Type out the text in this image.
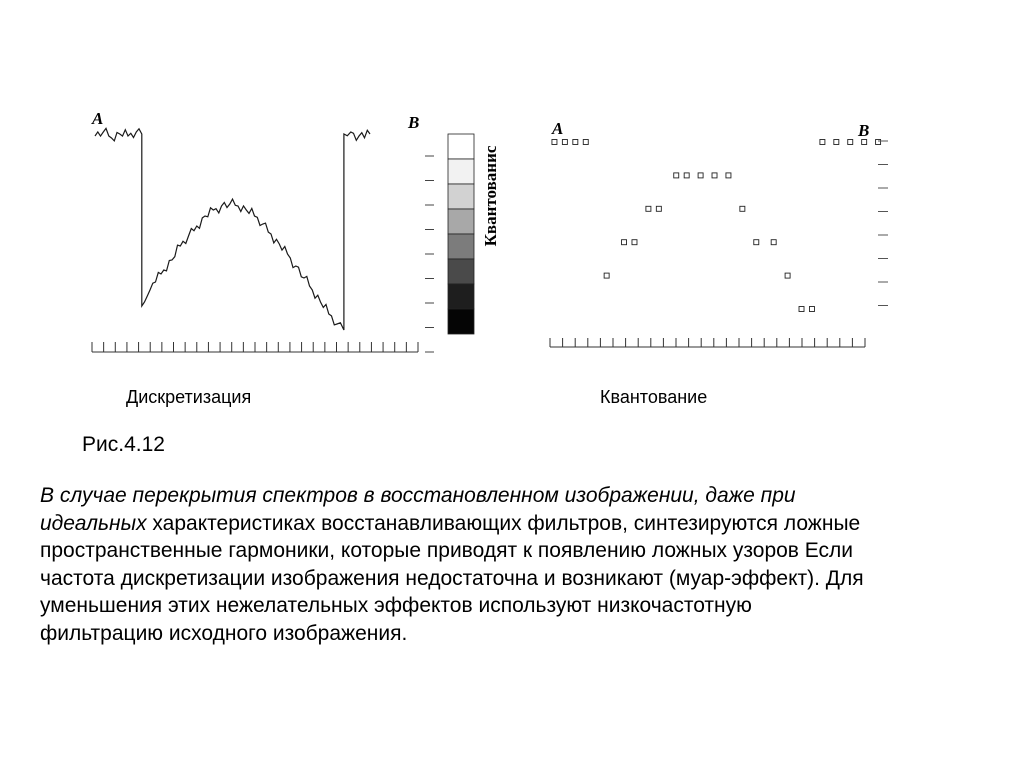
A	B
Квантованис
A	B
Дискретизация	Квантование
Рис.4.12
В случае перекрытия спектров в восстановленном изображении, даже при
идеальных характеристиках восстанавливающих фильтров, синтезируются ложные
пространственные гармоники, которые приводят к появлению ложных узоров Если
частота дискретизации изображения недостаточна и возникают (муар-эффект). Для
уменьшения этих нежелательных эффектов используют низкочастотную
фильтрацию исходного изображения.
